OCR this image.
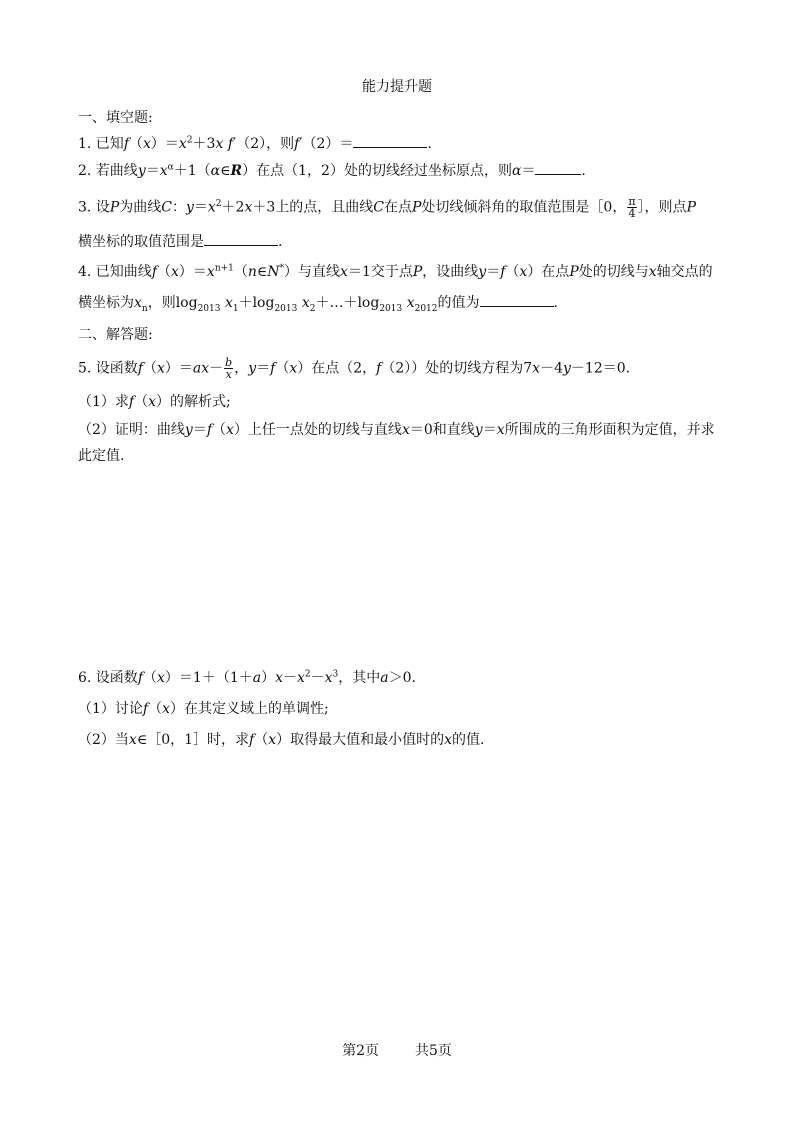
能力提升题
一、填空题:
1. 已知$f(x)=x^2+3x$ f′（2），则f′（2）＝	.
2. 若曲线$y=x^\alpha+1(\alpha\in R)$在点（1，2）处的切线经过坐标原点，则α＝	.
3. 设P为曲线C：$y=x^2+2x+3$上的点，且曲线C在点P处切线倾斜角的取值范围是［0， $\frac{\pi}{4}$ ］，则点P
横坐标的取值范围是	.
4. 已知曲线$f(x)=x^{n+1}(n\in N^*)$与直线x＝1交于点P，设曲线y＝f（x）在点P处的切线与x轴交点的
横坐标为$x_n$，则$\log_{2013} x_1+\log_{2013}$ $x_2+\dots+\log_{2013}$ $x_{2012}$的值为	.
二、解答题:
5. 设函数$f(x)=ax- \frac{b}{x}$ ，y＝f（x）在点（2，f（2））处的切线方程为7x－4y－12＝0.
（1）求f（x）的解析式;
（2）证明：曲线y＝f（x）上任一点处的切线与直线x＝0和直线y＝x所围成的三角形面积为定值，并求
此定值.
6. 设函数$f(x)=1+(1+a)x-x^2-x^3$，其中a＞0.
（1）讨论f（x）在其定义域上的单调性;
（2）当x∈［0，1］时，求f（x）取得最大值和最小值时的x的值.
第2页	共5页
